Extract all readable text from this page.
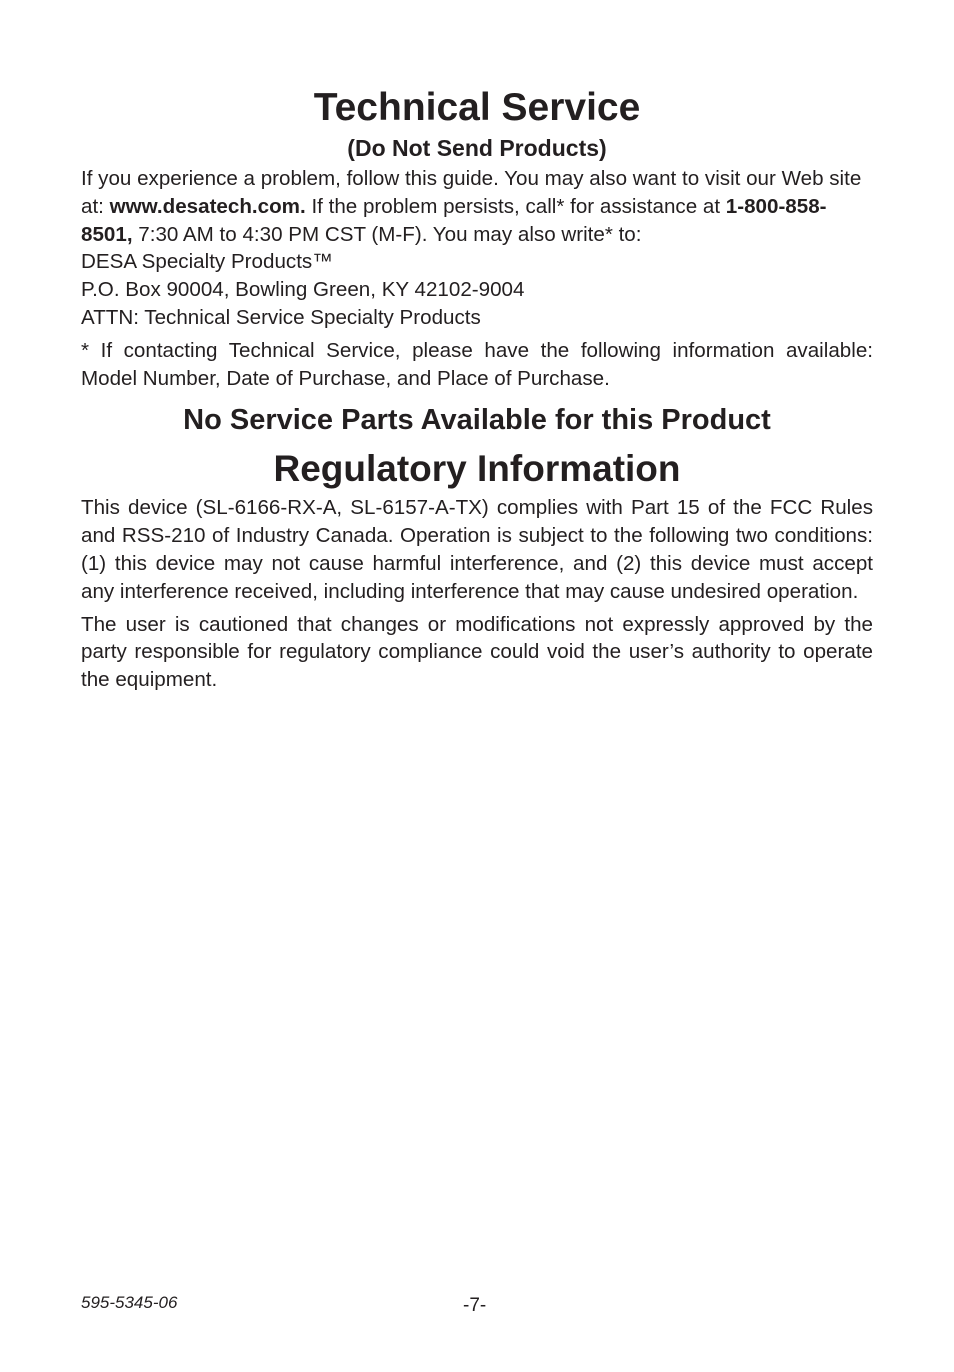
Technical Service
(Do Not Send Products)

If you experience a problem, follow this guide. You may also want to visit our Web site at: www.desatech.com. If the problem persists, call* for assistance at 1-800-858-8501, 7:30 AM to 4:30 PM CST (M-F). You may also write* to:

DESA Specialty Products™

P.O. Box 90004, Bowling Green, KY 42102-9004

ATTN: Technical Service Specialty Products

* If contacting Technical Service, please have the following information available: Model Number, Date of Purchase, and Place of Purchase.

No Service Parts Available for this Product
Regulatory Information

This device (SL-6166-RX-A, SL-6157-A-TX) complies with Part 15 of the FCC Rules and RSS-210 of Industry Canada. Operation is subject to the following two conditions: (1) this device may not cause harmful interference, and (2) this device must accept any interference received, including interference that may cause undesired operation.

The user is cautioned that changes or modifications not expressly approved by the party responsible for regulatory compliance could void the user’s authority to operate the equipment.

595-5345-06	-7-
